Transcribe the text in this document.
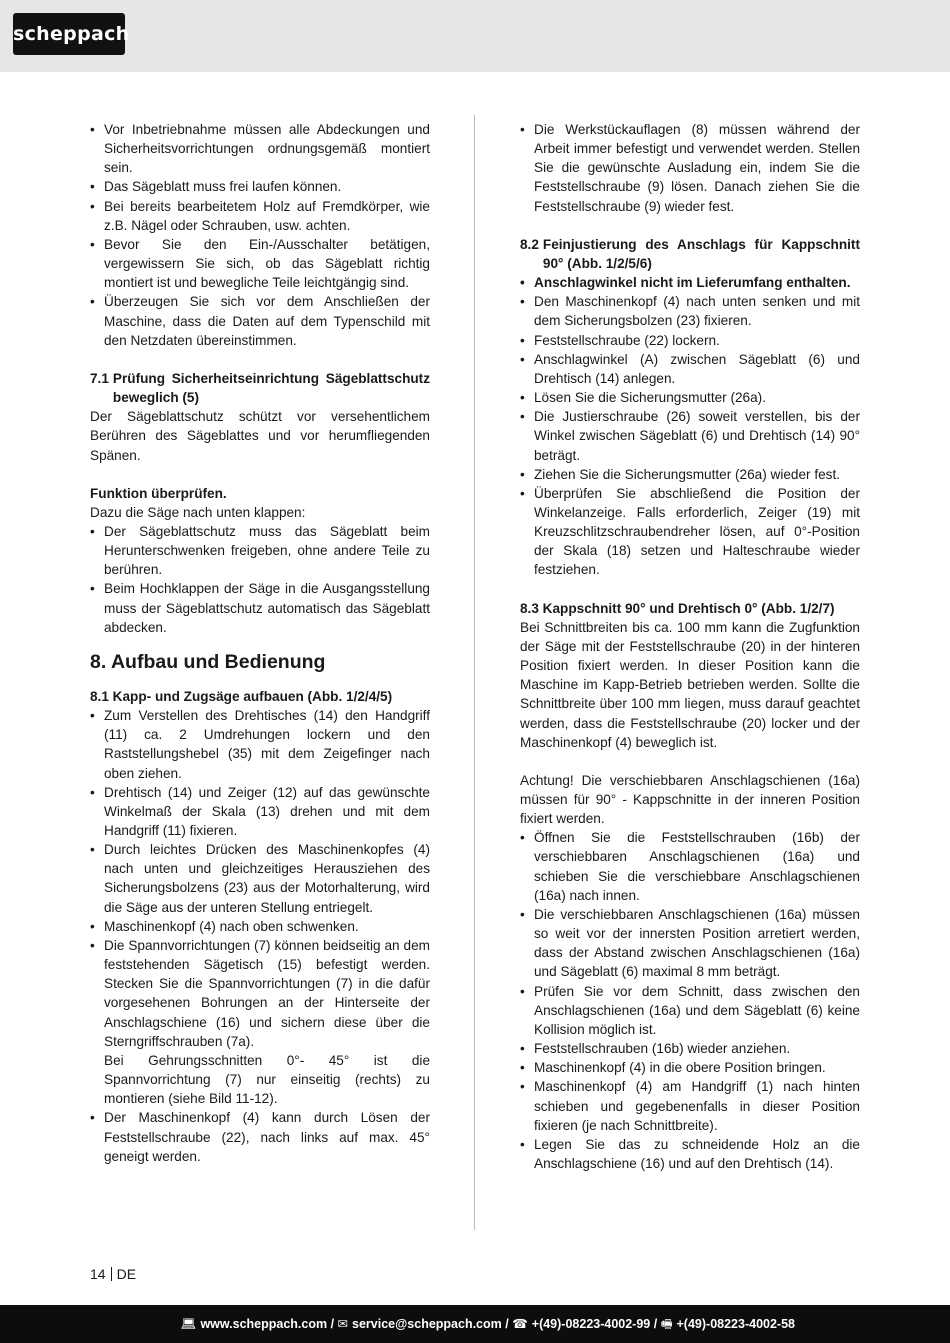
scheppach
• Vor Inbetriebnahme müssen alle Abdeckungen und Sicherheitsvorrichtungen ordnungsgemäß montiert sein.
• Das Sägeblatt muss frei laufen können.
• Bei bereits bearbeitetem Holz auf Fremdkörper, wie z.B. Nägel oder Schrauben, usw. achten.
• Bevor Sie den Ein-/Ausschalter betätigen, vergewissern Sie sich, ob das Sägeblatt richtig montiert ist und bewegliche Teile leichtgängig sind.
• Überzeugen Sie sich vor dem Anschließen der Maschine, dass die Daten auf dem Typenschild mit den Netzdaten übereinstimmen.
7.1 Prüfung Sicherheitseinrichtung Sägeblattschutz beweglich (5)

Der Sägeblattschutz schützt vor versehentlichem Berühren des Sägeblattes und vor herumfliegenden Spänen.

Funktion überprüfen.

Dazu die Säge nach unten klappen:

• Der Sägeblattschutz muss das Sägeblatt beim Herunterschwenken freigeben, ohne andere Teile zu berühren.
• Beim Hochklappen der Säge in die Ausgangsstellung muss der Sägeblattschutz automatisch das Sägeblatt abdecken.

8. Aufbau und Bedienung

8.1 Kapp- und Zugsäge aufbauen (Abb. 1/2/4/5)

• Zum Verstellen des Drehtisches (14) den Handgriff (11) ca. 2 Umdrehungen lockern und den Raststellungshebel (35) mit dem Zeigefinger nach oben ziehen.
• Drehtisch (14) und Zeiger (12) auf das gewünschte Winkelmaß der Skala (13) drehen und mit dem Handgriff (11) fixieren.
• Durch leichtes Drücken des Maschinenkopfes (4) nach unten und gleichzeitiges Herausziehen des Sicherungsbolzens (23) aus der Motorhalterung, wird die Säge aus der unteren Stellung entriegelt.
• Maschinenkopf (4) nach oben schwenken.
• Die Spannvorrichtungen (7) können beidseitig an dem feststehenden Sägetisch (15) befestigt werden. Stecken Sie die Spannvorrichtungen (7) in die dafür vorgesehenen Bohrungen an der Hinterseite der Anschlagschiene (16) und sichern diese über die Sterngriffschrauben (7a).
Bei Gehrungsschnitten 0°- 45° ist die Spannvorrichtung (7) nur einseitig (rechts) zu montieren (siehe Bild 11-12).
• Der Maschinenkopf (4) kann durch Lösen der Feststellschraube (22), nach links auf max. 45° geneigt werden.
• Die Werkstückauflagen (8) müssen während der Arbeit immer befestigt und verwendet werden. Stellen Sie die gewünschte Ausladung ein, indem Sie die Feststellschraube (9) lösen. Danach ziehen Sie die Feststellschraube (9) wieder fest.
8.2 Feinjustierung des Anschlags für Kappschnitt 90° (Abb. 1/2/5/6)
• Anschlagwinkel nicht im Lieferumfang enthalten.
• Den Maschinenkopf (4) nach unten senken und mit dem Sicherungsbolzen (23) fixieren.
• Feststellschraube (22) lockern.
• Anschlagwinkel (A) zwischen Sägeblatt (6) und Drehtisch (14) anlegen.
• Lösen Sie die Sicherungsmutter (26a).
• Die Justierschraube (26) soweit verstellen, bis der Winkel zwischen Sägeblatt (6) und Drehtisch (14) 90° beträgt.
• Ziehen Sie die Sicherungsmutter (26a) wieder fest.
• Überprüfen Sie abschließend die Position der Winkelanzeige. Falls erforderlich, Zeiger (19) mit Kreuzschlitzschraubendreher lösen, auf 0°-Position der Skala (18) setzen und Halteschraube wieder festziehen.

8.3 Kappschnitt 90° und Drehtisch 0° (Abb. 1/2/7)

Bei Schnittbreiten bis ca. 100 mm kann die Zugfunktion der Säge mit der Feststellschraube (20) in der hinteren Position fixiert werden. In dieser Position kann die Maschine im Kapp-Betrieb betrieben werden. Sollte die Schnittbreite über 100 mm liegen, muss darauf geachtet werden, dass die Feststellschraube (20) locker und der Maschinenkopf (4) beweglich ist.

Achtung! Die verschiebbaren Anschlagschienen (16a) müssen für 90° - Kappschnitte in der inneren Position fixiert werden.

• Öffnen Sie die Feststellschrauben (16b) der verschiebbaren Anschlagschienen (16a) und schieben Sie die verschiebbare Anschlagschienen (16a) nach innen.
• Die verschiebbaren Anschlagschienen (16a) müssen so weit vor der innersten Position arretiert werden, dass der Abstand zwischen Anschlagschienen (16a) und Sägeblatt (6) maximal 8 mm beträgt.
• Prüfen Sie vor dem Schnitt, dass zwischen den Anschlagschienen (16a) und dem Sägeblatt (6) keine Kollision möglich ist.
• Feststellschrauben (16b) wieder anziehen.
• Maschinenkopf (4) in die obere Position bringen.
• Maschinenkopf (4) am Handgriff (1) nach hinten schieben und gegebenenfalls in dieser Position fixieren (je nach Schnittbreite).
• Legen Sie das zu schneidende Holz an die Anschlagschiene (16) und auf den Drehtisch (14).
14 DE
💻︎ www.scheppach.com / ✉︎ service@scheppach.com / ☎︎ +(49)-08223-4002-99 / 🖷︎ +(49)-08223-4002-58
